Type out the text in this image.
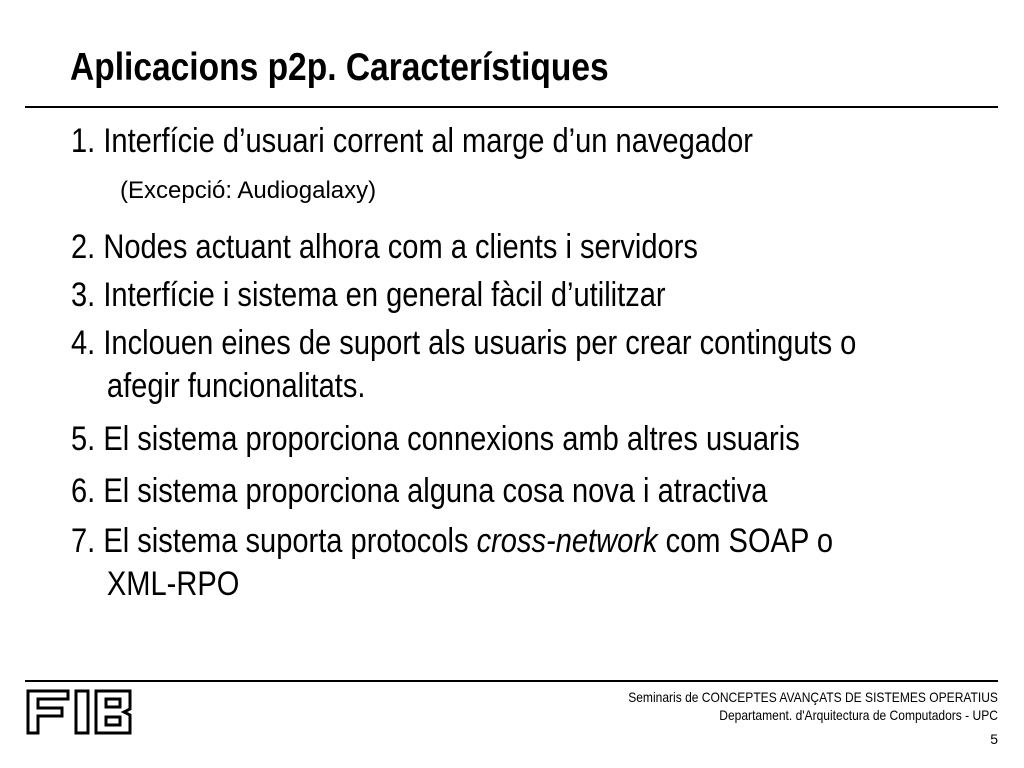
Aplicacions p2p. Característiques
1. Interfície d’usuari corrent al marge d’un navegador
2. Nodes actuant alhora com a clients i servidors
3. Interfície i sistema en general fàcil d’utilitzar
4. Inclouen eines de suport als usuaris per crear continguts o
afegir funcionalitats.
5. El sistema proporciona connexions amb altres usuaris
6. El sistema proporciona alguna cosa nova i atractiva
7. El sistema suporta protocols cross-network com SOAP o
XML-RPO
(Excepció: Audiogalaxy)
Seminaris de CONCEPTES AVANÇATS DE SISTEMES OPERATIUS
Departament. d'Arquitectura de Computadors - UPC
5
